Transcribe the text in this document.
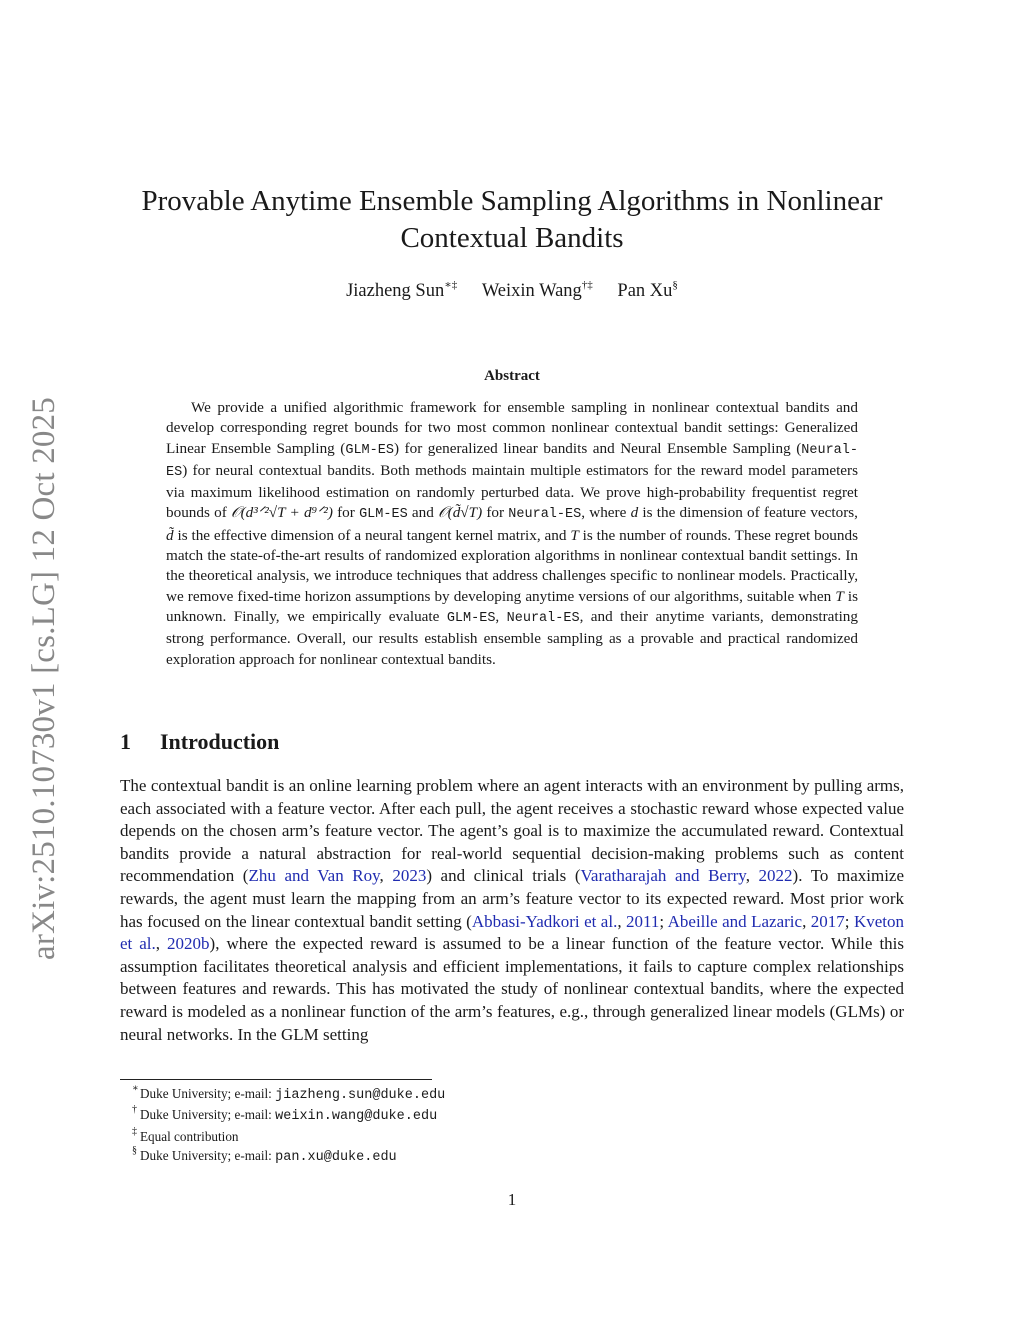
arXiv:2510.10730v1 [cs.LG] 12 Oct 2025
Provable Anytime Ensemble Sampling Algorithms in Nonlinear
Contextual Bandits
Jiazheng Sun∗‡ Weixin Wang†‡ Pan Xu§
Abstract

We provide a unified algorithmic framework for ensemble sampling in nonlinear contextual bandits and develop corresponding regret bounds for two most common nonlinear contextual bandit settings: Generalized Linear Ensemble Sampling (GLM-ES) for generalized linear bandits and Neural Ensemble Sampling (Neural-ES) for neural contextual bandits. Both methods maintain multiple estimators for the reward model parameters via maximum likelihood estimation on randomly perturbed data. We prove high-probability frequentist regret bounds of 𝒪(d³ᐟ²√T + d⁹ᐟ²) for GLM-ES and 𝒪(d̃√T) for Neural-ES, where d is the dimension of feature vectors, d̃ is the effective dimension of a neural tangent kernel matrix, and T is the number of rounds. These regret bounds match the state-of-the-art results of randomized exploration algorithms in nonlinear contextual bandit settings. In the theoretical analysis, we introduce techniques that address challenges specific to nonlinear models. Practically, we remove fixed-time horizon assumptions by developing anytime versions of our algorithms, suitable when T is unknown. Finally, we empirically evaluate GLM-ES, Neural-ES, and their anytime variants, demonstrating strong performance. Overall, our results establish ensemble sampling as a provable and practical randomized exploration approach for nonlinear contextual bandits.

1 Introduction

The contextual bandit is an online learning problem where an agent interacts with an environment by pulling arms, each associated with a feature vector. After each pull, the agent receives a stochastic reward whose expected value depends on the chosen arm’s feature vector. The agent’s goal is to maximize the accumulated reward. Contextual bandits provide a natural abstraction for real-world sequential decision-making problems such as content recommendation (Zhu and Van Roy, 2023) and clinical trials (Varatharajah and Berry, 2022). To maximize rewards, the agent must learn the mapping from an arm’s feature vector to its expected reward. Most prior work has focused on the linear contextual bandit setting (Abbasi-Yadkori et al., 2011; Abeille and Lazaric, 2017; Kveton et al., 2020b), where the expected reward is assumed to be a linear function of the feature vector. While this assumption facilitates theoretical analysis and efficient implementations, it fails to capture complex relationships between features and rewards. This has motivated the study of nonlinear contextual bandits, where the expected reward is modeled as a nonlinear function of the arm’s features, e.g., through generalized linear models (GLMs) or neural networks. In the GLM setting

∗ Duke University; e-mail: jiazheng.sun@duke.edu
† Duke University; e-mail: weixin.wang@duke.edu
‡ Equal contribution
§ Duke University; e-mail: pan.xu@duke.edu
1
